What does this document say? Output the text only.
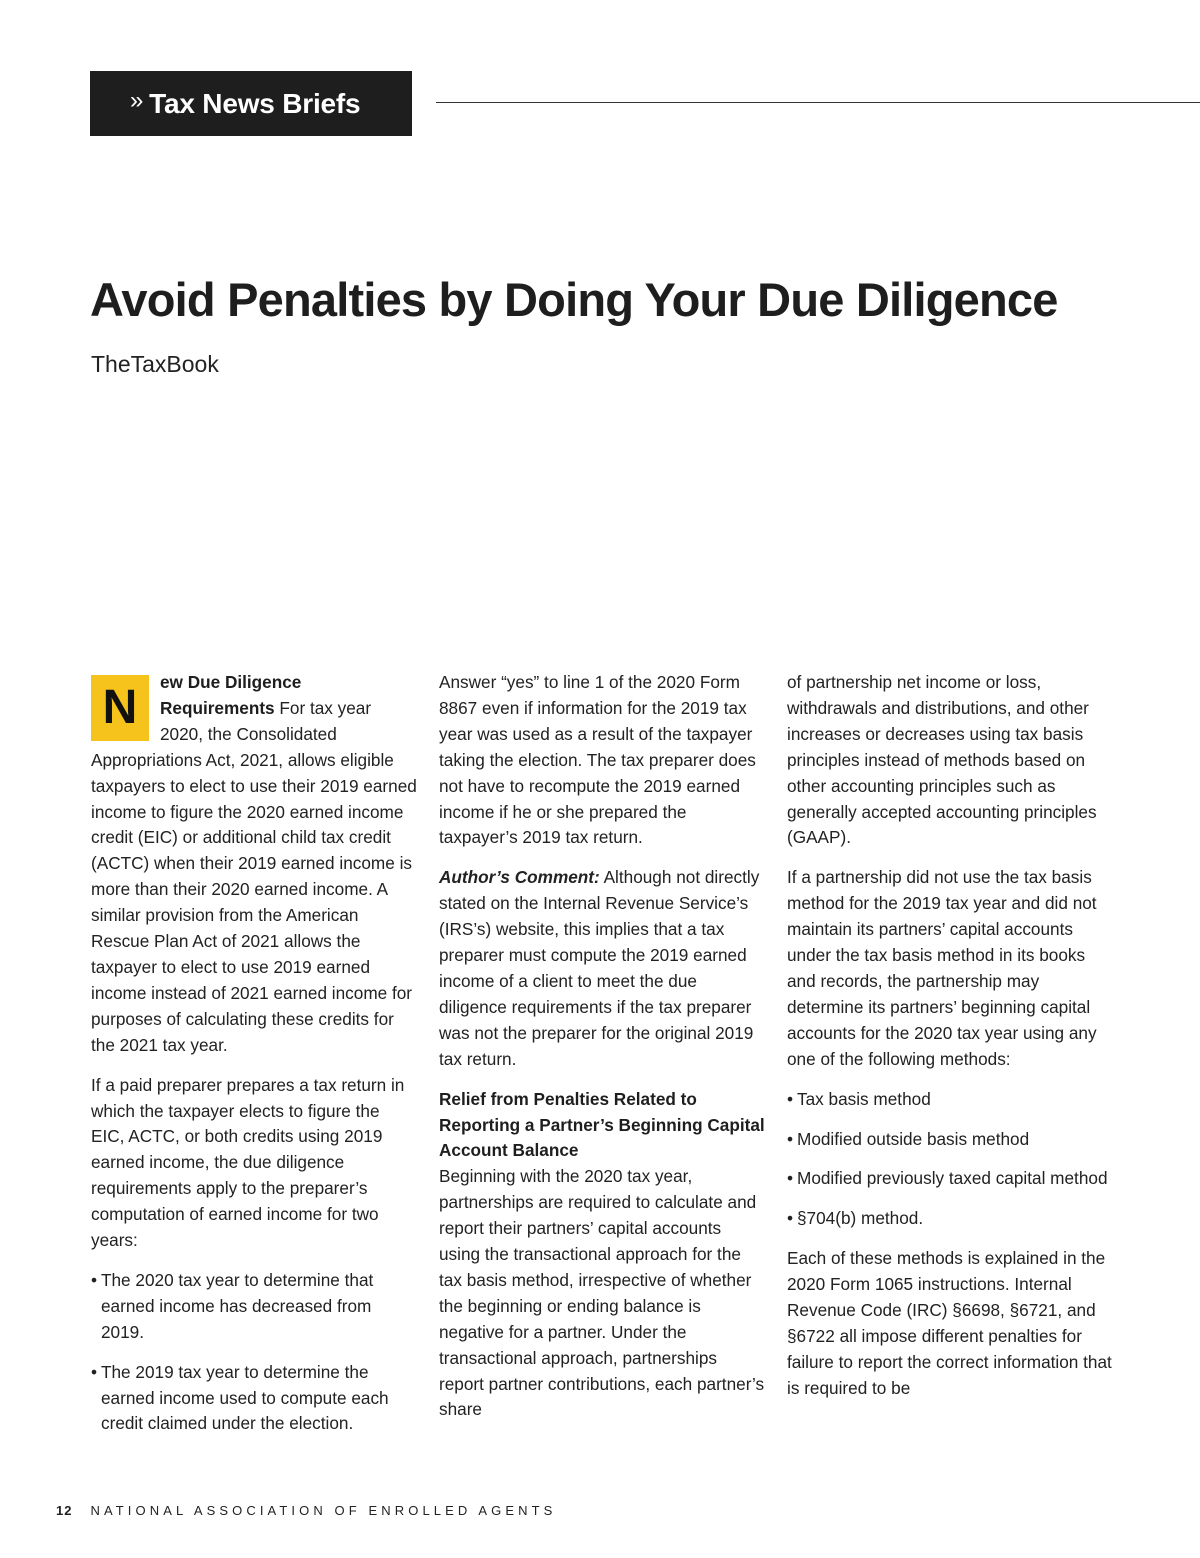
» Tax News Briefs
Avoid Penalties by Doing Your Due Diligence
TheTaxBook

N	ew Due Diligence Requirements For tax year 2020, the Consolidated Appropriations Act, 2021, allows eligible taxpayers to elect to use their 2019 earned income to figure the 2020 earned income credit (EIC) or additional child tax credit (ACTC) when their 2019 earned income is more than their 2020 earned income. A similar provision from the American Rescue Plan Act of 2021 allows the taxpayer to elect to use 2019 earned income instead of 2021 earned income for purposes of calculating these credits for the 2021 tax year.

If a paid preparer prepares a tax return in which the taxpayer elects to figure the EIC, ACTC, or both credits using 2019 earned income, the due diligence requirements apply to the preparer’s computation of earned income for two years:

• The 2020 tax year to determine that earned income has decreased from 2019.
• The 2019 tax year to determine the earned income used to compute each credit claimed under the election.

Answer “yes” to line 1 of the 2020 Form 8867 even if information for the 2019 tax year was used as a result of the taxpayer taking the election. The tax preparer does not have to recompute the 2019 earned income if he or she prepared the taxpayer’s 2019 tax return.

Author’s Comment: Although not directly stated on the Internal Revenue Service’s (IRS’s) website, this implies that a tax preparer must compute the 2019 earned income of a client to meet the due diligence requirements if the tax preparer was not the preparer for the original 2019 tax return.

Relief from Penalties Related to Reporting a Partner’s Beginning Capital Account Balance
Beginning with the 2020 tax year, partnerships are required to calculate and report their partners’ capital accounts using the transactional approach for the tax basis method, irrespective of whether the beginning or ending balance is negative for a partner. Under the transactional approach, partnerships report partner contributions, each partner’s share

of partnership net income or loss, withdrawals and distributions, and other increases or decreases using tax basis principles instead of methods based on other accounting principles such as generally accepted accounting principles (GAAP).

If a partnership did not use the tax basis method for the 2019 tax year and did not maintain its partners’ capital accounts under the tax basis method in its books and records, the partnership may determine its partners’ beginning capital accounts for the 2020 tax year using any one of the following methods:

• Tax basis method
• Modified outside basis method
• Modified previously taxed capital method
• §704(b) method.

Each of these methods is explained in the 2020 Form 1065 instructions. Internal Revenue Code (IRC) §6698, §6721, and §6722 all impose different penalties for failure to report the correct information that is required to be

12 NATIONAL ASSOCIATION OF ENROLLED AGENTS
